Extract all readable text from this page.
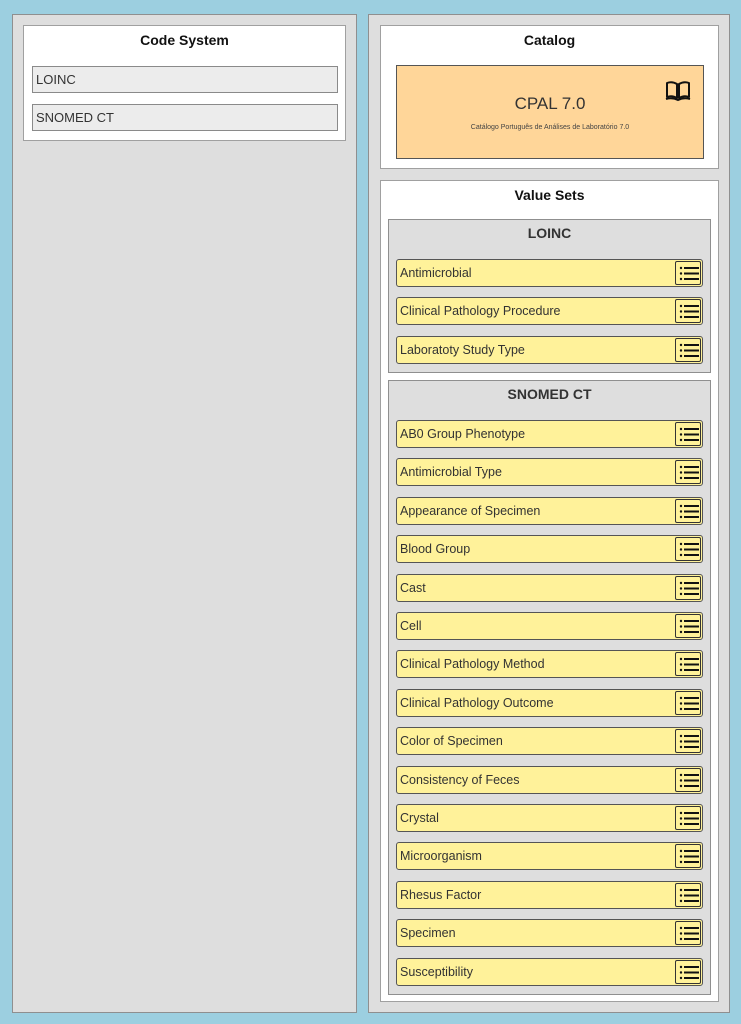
Code System
LOINC
SNOMED CT
Catalog
CPAL 7.0
Catálogo Português de Análises de Laboratório 7.0
Value Sets
LOINC
Antimicrobial
Clinical Pathology Procedure
Laboratoty Study Type
SNOMED CT
AB0 Group Phenotype
Antimicrobial Type
Appearance of Specimen
Blood Group
Cast
Cell
Clinical Pathology Method
Clinical Pathology Outcome
Color of Specimen
Consistency of Feces
Crystal
Microorganism
Rhesus Factor
Specimen
Susceptibility
